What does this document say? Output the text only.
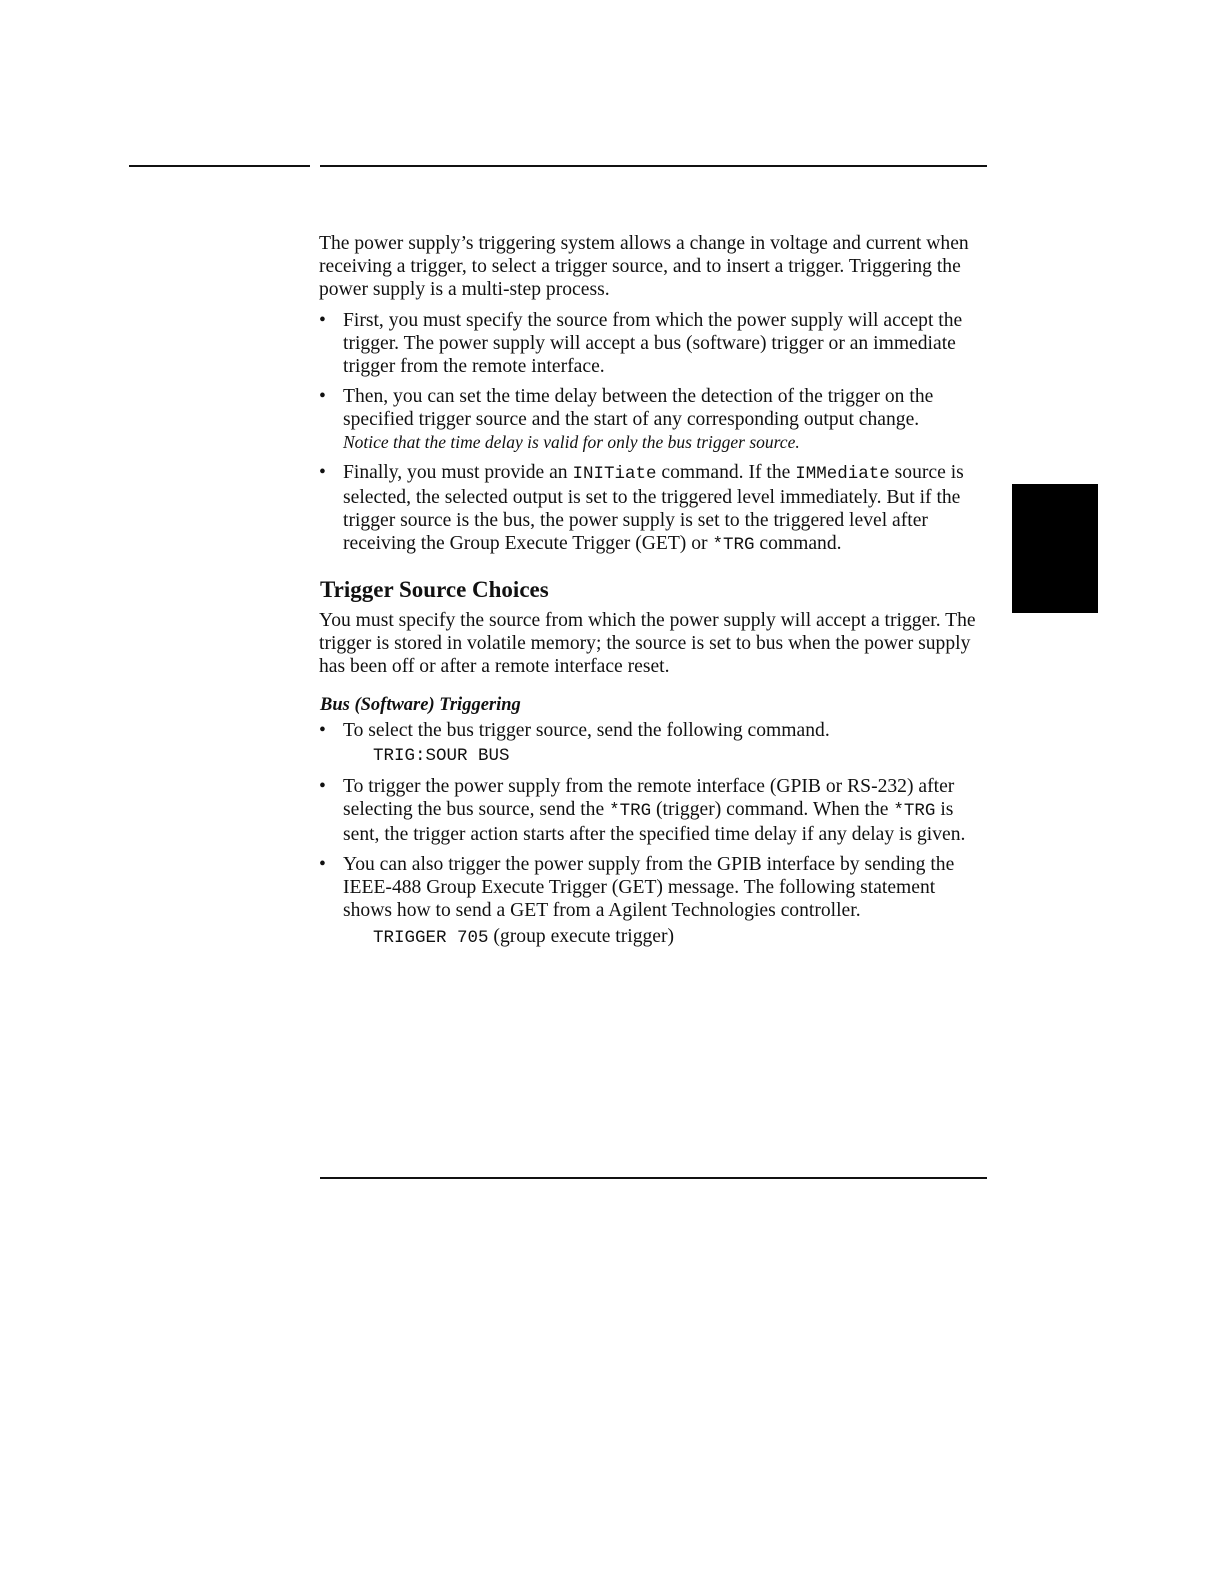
The power supply’s triggering system allows a change in voltage and current when receiving a trigger, to select a trigger source, and to insert a trigger. Triggering the power supply is a multi-step process.

• First, you must specify the source from which the power supply will accept the trigger. The power supply will accept a bus (software) trigger or an immediate trigger from the remote interface.
• Then, you can set the time delay between the detection of the trigger on the specified trigger source and the start of any corresponding output change.
Notice that the time delay is valid for only the bus trigger source.
• Finally, you must provide an INITiate command. If the IMMediate source is selected, the selected output is set to the triggered level immediately. But if the trigger source is the bus, the power supply is set to the triggered level after receiving the Group Execute Trigger (GET) or *TRG command.
Trigger Source Choices

You must specify the source from which the power supply will accept a trigger. The trigger is stored in volatile memory; the source is set to bus when the power supply has been off or after a remote interface reset.

Bus (Software) Triggering
• To select the bus trigger source, send the following command.

TRIG:SOUR BUS

• To trigger the power supply from the remote interface (GPIB or RS-232) after selecting the bus source, send the *TRG (trigger) command. When the *TRG is sent, the trigger action starts after the specified time delay if any delay is given.
• You can also trigger the power supply from the GPIB interface by sending the IEEE-488 Group Execute Trigger (GET) message. The following statement shows how to send a GET from a Agilent Technologies controller.

TRIGGER 705 (group execute trigger)
